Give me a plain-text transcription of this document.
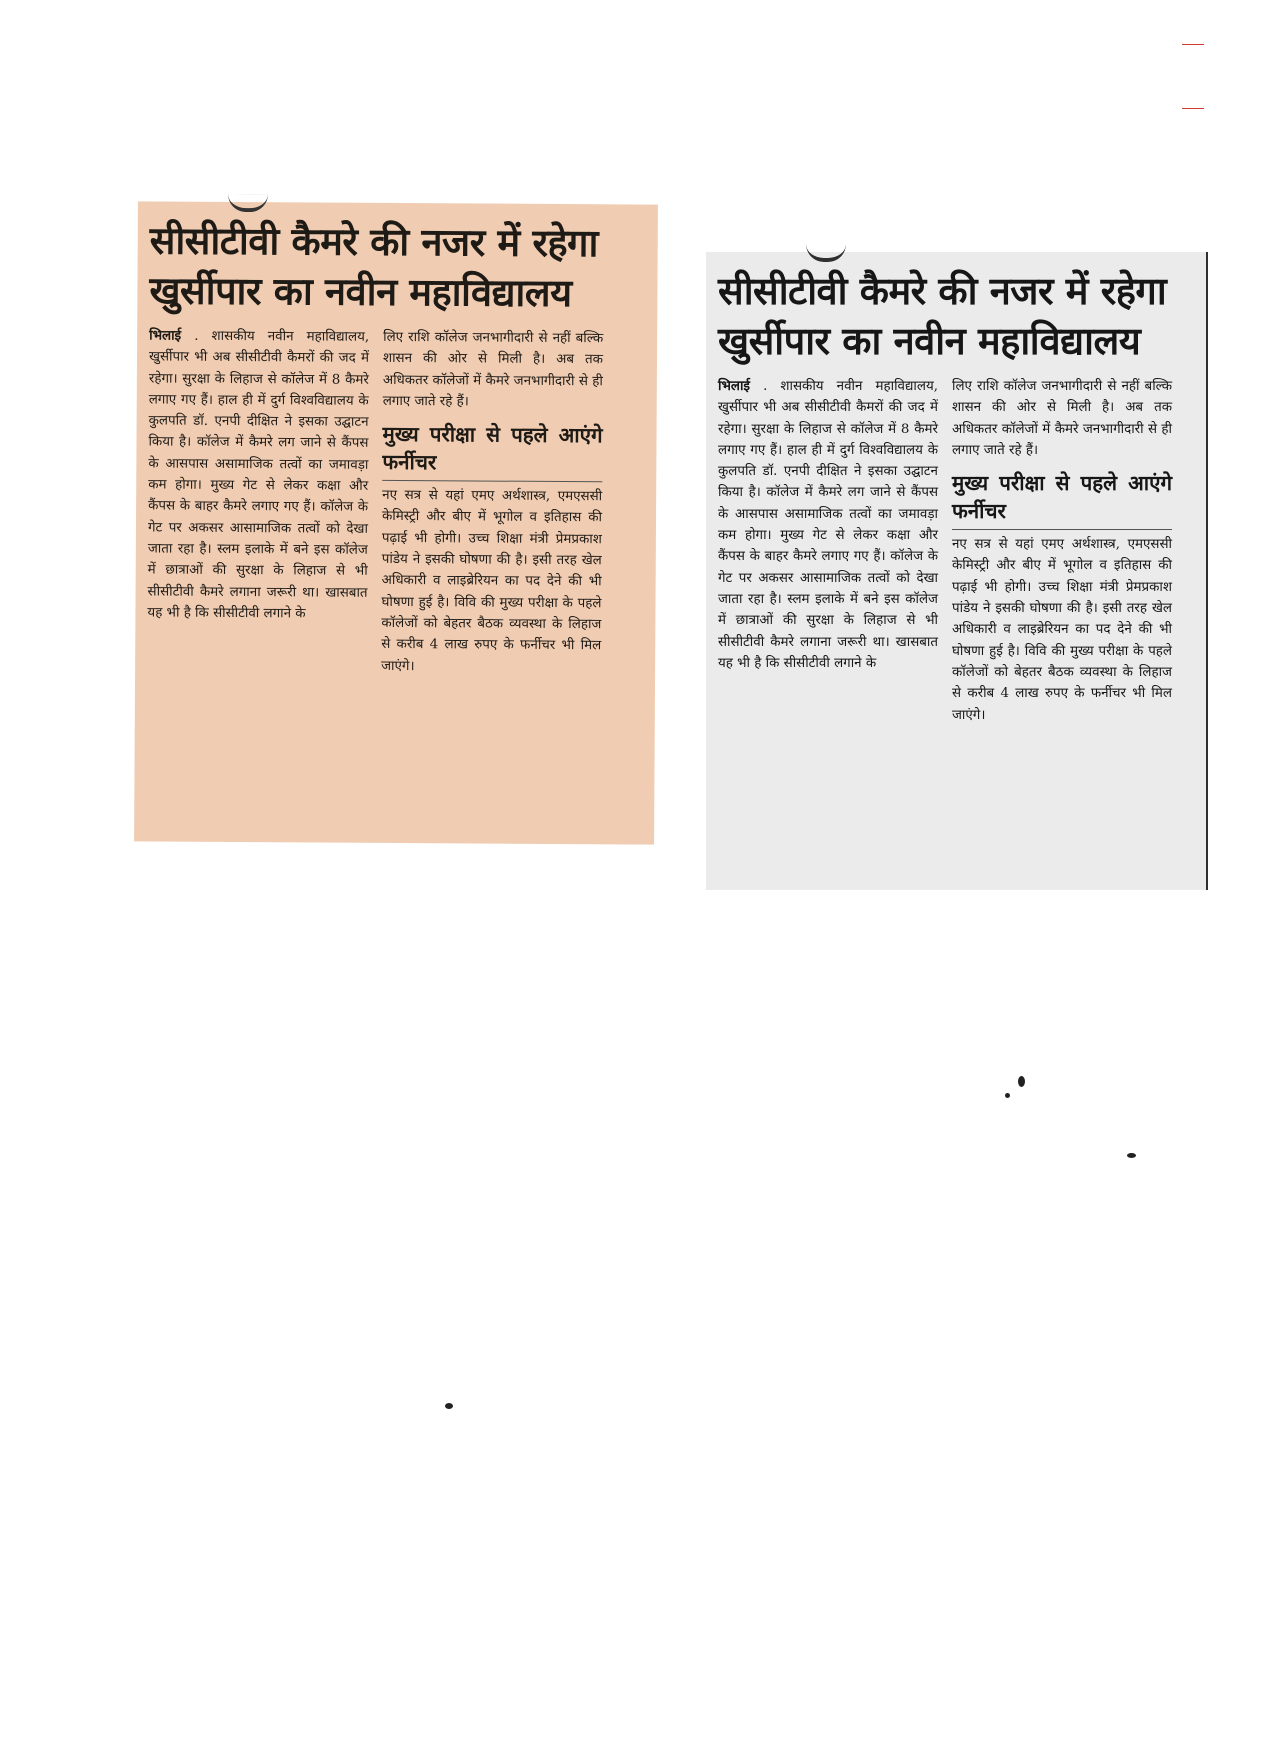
सीसीटीवी कैमरे की नजर में रहेगा खुर्सीपार का नवीन महाविद्यालय

भिलाई . शासकीय नवीन महाविद्यालय, खुर्सीपार भी अब सीसीटीवी कैमरों की जद में रहेगा। सुरक्षा के लिहाज से कॉलेज में 8 कैमरे लगाए गए हैं। हाल ही में दुर्ग विश्वविद्यालय के कुलपति डॉ. एनपी दीक्षित ने इसका उद्घाटन किया है। कॉलेज में कैमरे लग जाने से कैंपस के आसपास असामाजिक तत्वों का जमावड़ा कम होगा। मुख्य गेट से लेकर कक्षा और कैंपस के बाहर कैमरे लगाए गए हैं। कॉलेज के गेट पर अकसर आसामाजिक तत्वों को देखा जाता रहा है। स्लम इलाके में बने इस कॉलेज में छात्राओं की सुरक्षा के लिहाज से भी सीसीटीवी कैमरे लगाना जरूरी था। खासबात यह भी है कि सीसीटीवी लगाने के

लिए राशि कॉलेज जनभागीदारी से नहीं बल्कि शासन की ओर से मिली है। अब तक अधिकतर कॉलेजों में कैमरे जनभागीदारी से ही लगाए जाते रहे हैं।

मुख्य परीक्षा से पहले आएंगे फर्नीचर

नए सत्र से यहां एमए अर्थशास्त्र, एमएससी केमिस्ट्री और बीए में भूगोल व इतिहास की पढ़ाई भी होगी। उच्च शिक्षा मंत्री प्रेमप्रकाश पांडेय ने इसकी घोषणा की है। इसी तरह खेल अधिकारी व लाइब्रेरियन का पद देने की भी घोषणा हुई है। विवि की मुख्य परीक्षा के पहले कॉलेजों को बेहतर बैठक व्यवस्था के लिहाज से करीब 4 लाख रुपए के फर्नीचर भी मिल जाएंगे।

सीसीटीवी कैमरे की नजर में रहेगा खुर्सीपार का नवीन महाविद्यालय

भिलाई . शासकीय नवीन महाविद्यालय, खुर्सीपार भी अब सीसीटीवी कैमरों की जद में रहेगा। सुरक्षा के लिहाज से कॉलेज में 8 कैमरे लगाए गए हैं। हाल ही में दुर्ग विश्वविद्यालय के कुलपति डॉ. एनपी दीक्षित ने इसका उद्घाटन किया है। कॉलेज में कैमरे लग जाने से कैंपस के आसपास असामाजिक तत्वों का जमावड़ा कम होगा। मुख्य गेट से लेकर कक्षा और कैंपस के बाहर कैमरे लगाए गए हैं। कॉलेज के गेट पर अकसर आसामाजिक तत्वों को देखा जाता रहा है। स्लम इलाके में बने इस कॉलेज में छात्राओं की सुरक्षा के लिहाज से भी सीसीटीवी कैमरे लगाना जरूरी था। खासबात यह भी है कि सीसीटीवी लगाने के

लिए राशि कॉलेज जनभागीदारी से नहीं बल्कि शासन की ओर से मिली है। अब तक अधिकतर कॉलेजों में कैमरे जनभागीदारी से ही लगाए जाते रहे हैं।

मुख्य परीक्षा से पहले आएंगे फर्नीचर

नए सत्र से यहां एमए अर्थशास्त्र, एमएससी केमिस्ट्री और बीए में भूगोल व इतिहास की पढ़ाई भी होगी। उच्च शिक्षा मंत्री प्रेमप्रकाश पांडेय ने इसकी घोषणा की है। इसी तरह खेल अधिकारी व लाइब्रेरियन का पद देने की भी घोषणा हुई है। विवि की मुख्य परीक्षा के पहले कॉलेजों को बेहतर बैठक व्यवस्था के लिहाज से करीब 4 लाख रुपए के फर्नीचर भी मिल जाएंगे।
